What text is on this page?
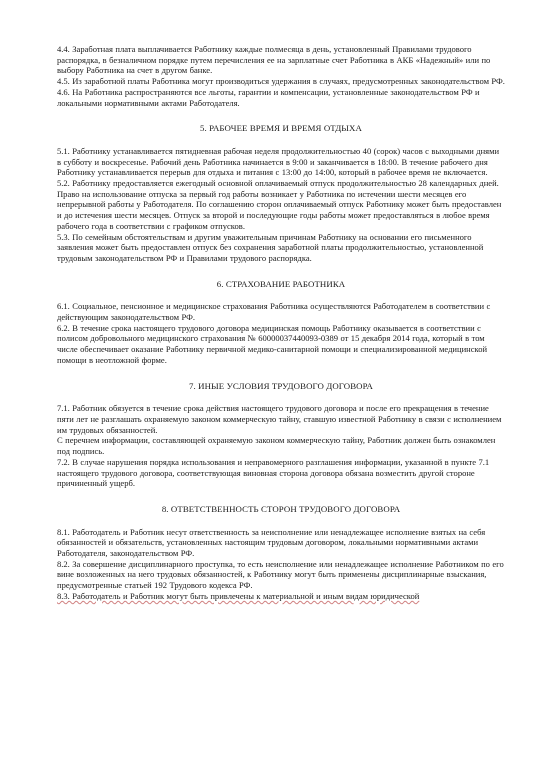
4.4. Заработная плата выплачивается Работнику каждые полмесяца в день, установленный Правилами трудового распорядка, в безналичном порядке путем перечисления ее на зарплатные счет Работника в АКБ «Надежный» или по выбору Работника на счет в другом банке.

4.5. Из заработной платы Работника могут производиться удержания в случаях, предусмотренных законодательством РФ.

4.6. На Работника распространяются все льготы, гарантии и компенсации, установленные законодательством РФ и локальными нормативными актами Работодателя.

5. РАБОЧЕЕ ВРЕМЯ И ВРЕМЯ ОТДЫХА

5.1. Работнику устанавливается пятидневная рабочая неделя продолжительностью 40 (сорок) часов с выходными днями в субботу и воскресенье. Рабочий день Работника начинается в 9:00 и заканчивается в 18:00. В течение рабочего дня Работнику устанавливается перерыв для отдыха и питания с 13:00 до 14:00, который в рабочее время не включается.

5.2. Работнику предоставляется ежегодный основной оплачиваемый отпуск продолжительностью 28 календарных дней.

Право на использование отпуска за первый год работы возникает у Работника по истечении шести месяцев его непрерывной работы у Работодателя. По соглашению сторон оплачиваемый отпуск Работнику может быть предоставлен и до истечения шести месяцев. Отпуск за второй и последующие годы работы может предоставляться в любое время рабочего года в соответствии с графиком отпусков.

5.3. По семейным обстоятельствам и другим уважительным причинам Работнику на основании его письменного заявления может быть предоставлен отпуск без сохранения заработной платы продолжительностью, установленной трудовым законодательством РФ и Правилами трудового распорядка.

6. СТРАХОВАНИЕ РАБОТНИКА

6.1. Социальное, пенсионное и медицинское страхования Работника осуществляются Работодателем в соответствии с действующим законодательством РФ.

6.2. В течение срока настоящего трудового договора медицинская помощь Работнику оказывается в соответствии с полисом добровольного медицинского страхования № 60000037440093-0389 от 15 декабря 2014 года, который в том числе обеспечивает оказание Работнику первичной медико-санитарной помощи и специализированной медицинской помощи в неотложной форме.

7. ИНЫЕ УСЛОВИЯ ТРУДОВОГО ДОГОВОРА

7.1. Работник обязуется в течение срока действия настоящего трудового договора и после его прекращения в течение пяти лет не разглашать охраняемую законом коммерческую тайну, ставшую известной Работнику в связи с исполнением им трудовых обязанностей.

С перечнем информации, составляющей охраняемую законом коммерческую тайну, Работник должен быть ознакомлен под подпись.

7.2. В случае нарушения порядка использования и неправомерного разглашения информации, указанной в пункте 7.1 настоящего трудового договора, соответствующая виновная сторона договора обязана возместить другой стороне причиненный ущерб.

8. ОТВЕТСТВЕННОСТЬ СТОРОН ТРУДОВОГО ДОГОВОРА

8.1. Работодатель и Работник несут ответственность за неисполнение или ненадлежащее исполнение взятых на себя обязанностей и обязательств, установленных настоящим трудовым договором, локальными нормативными актами Работодателя, законодательством РФ.

8.2. За совершение дисциплинарного проступка, то есть неисполнение или ненадлежащее исполнение Работником по его вине возложенных на него трудовых обязанностей, к Работнику могут быть применены дисциплинарные взыскания, предусмотренные статьей 192 Трудового кодекса РФ.

8.3. Работодатель и Работник могут быть привлечены к материальной и иным видам юридической
